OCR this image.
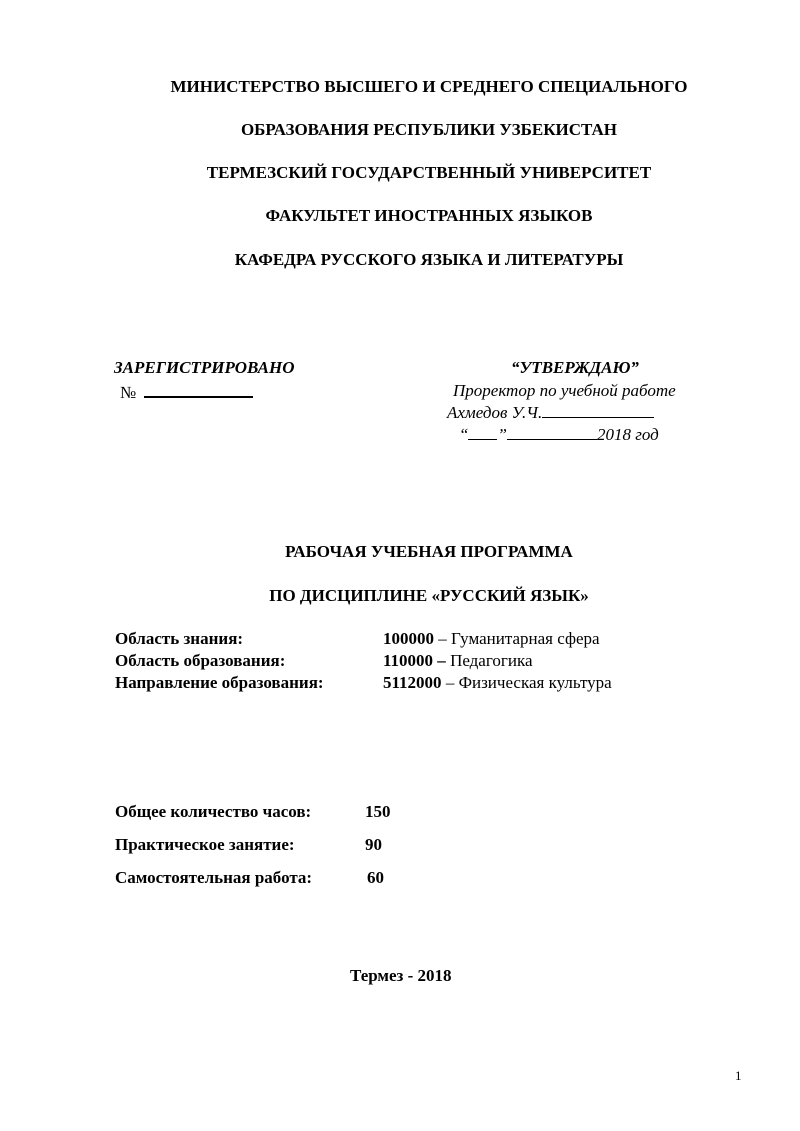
МИНИСТЕРСТВО ВЫСШЕГО И СРЕДНЕГО СПЕЦИАЛЬНОГО
ОБРАЗОВАНИЯ РЕСПУБЛИКИ УЗБЕКИСТАН
ТЕРМЕЗСКИЙ ГОСУДАРСТВЕННЫЙ УНИВЕРСИТЕТ
ФАКУЛЬТЕТ ИНОСТРАННЫХ ЯЗЫКОВ
КАФЕДРА РУССКОГО ЯЗЫКА И ЛИТЕРАТУРЫ
ЗАРЕГИСТРИРОВАНО
№
“УТВЕРЖДАЮ”
Проректор по учебной работе
Ахмедов У.Ч.
“ ”	2018 год
РАБОЧАЯ УЧЕБНАЯ ПРОГРАММА
ПО ДИСЦИПЛИНЕ «РУССКИЙ ЯЗЫК»
Область знания:	100000 – Гуманитарная сфера
Область образования:	110000 – Педагогика
Направление образования:	5112000 – Физическая культура
Общее количество часов:	150
Практическое занятие:	90
Самостоятельная работа:	60
Термез - 2018
1
